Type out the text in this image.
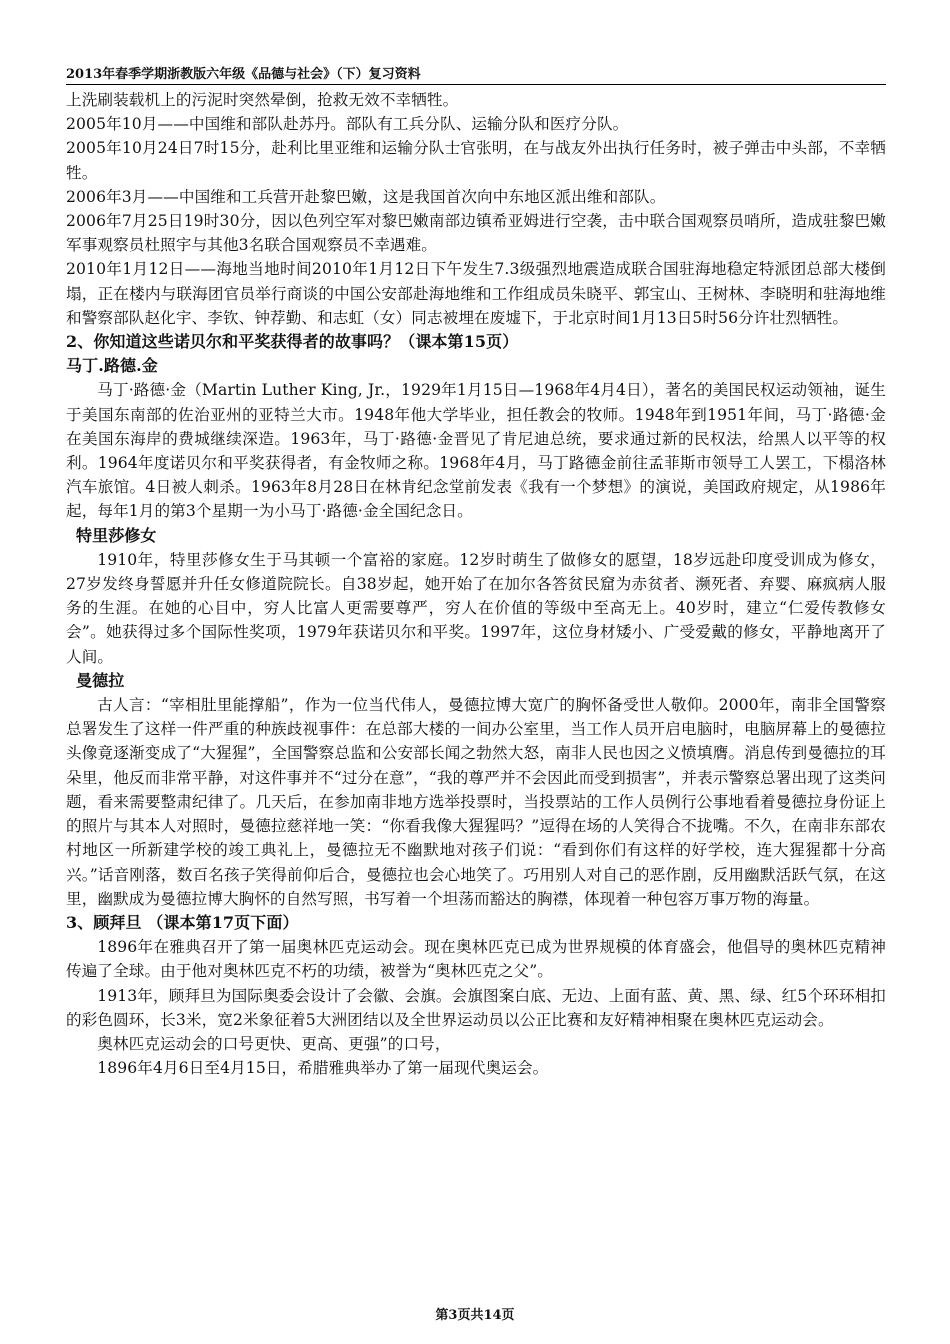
2013年春季学期浙教版六年级《品德与社会》（下）复习资料

上洗刷装载机上的污泥时突然晕倒，抢救无效不幸牺牲。

2005年10月——中国维和部队赴苏丹。部队有工兵分队、运输分队和医疗分队。

2005年10月24日7时15分，赴利比里亚维和运输分队士官张明，在与战友外出执行任务时，被子弹击中头部，不幸牺牲。

2006年3月——中国维和工兵营开赴黎巴嫩，这是我国首次向中东地区派出维和部队。

2006年7月25日19时30分，因以色列空军对黎巴嫩南部边镇希亚姆进行空袭，击中联合国观察员哨所，造成驻黎巴嫩军事观察员杜照宇与其他3名联合国观察员不幸遇难。

2010年1月12日——海地当地时间2010年1月12日下午发生7.3级强烈地震造成联合国驻海地稳定特派团总部大楼倒塌，正在楼内与联海团官员举行商谈的中国公安部赴海地维和工作组成员朱晓平、郭宝山、王树林、李晓明和驻海地维和警察部队赵化宇、李钦、钟荐勤、和志虹（女）同志被埋在废墟下，于北京时间1月13日5时56分许壮烈牺牲。

2、你知道这些诺贝尔和平奖获得者的故事吗？（课本第15页）

马丁.路德.金

马丁·路德·金（Martin Luther King, Jr.，1929年1月15日—1968年4月4日），著名的美国民权运动领袖，诞生于美国东南部的佐治亚州的亚特兰大市。1948年他大学毕业，担任教会的牧师。1948年到1951年间，马丁·路德·金在美国东海岸的费城继续深造。1963年，马丁·路德·金晋见了肯尼迪总统，要求通过新的民权法，给黑人以平等的权利。1964年度诺贝尔和平奖获得者，有金牧师之称。1968年4月，马丁路德金前往孟菲斯市领导工人罢工，下榻洛林汽车旅馆。4日被人刺杀。1963年8月28日在林肯纪念堂前发表《我有一个梦想》的演说，美国政府规定，从1986年起，每年1月的第3个星期一为小马丁·路德·金全国纪念日。

特里莎修女

1910年，特里莎修女生于马其顿一个富裕的家庭。12岁时萌生了做修女的愿望，18岁远赴印度受训成为修女，27岁发终身誓愿并升任女修道院院长。自38岁起，她开始了在加尔各答贫民窟为赤贫者、濒死者、弃婴、麻疯病人服务的生涯。在她的心目中，穷人比富人更需要尊严，穷人在价值的等级中至高无上。40岁时，建立“仁爱传教修女会”。她获得过多个国际性奖项，1979年获诺贝尔和平奖。1997年，这位身材矮小、广受爱戴的修女，平静地离开了人间。

曼德拉

古人言：“宰相肚里能撑船”，作为一位当代伟人，曼德拉博大宽广的胸怀备受世人敬仰。2000年，南非全国警察总署发生了这样一件严重的种族歧视事件：在总部大楼的一间办公室里，当工作人员开启电脑时，电脑屏幕上的曼德拉头像竟逐渐变成了“大猩猩”，全国警察总监和公安部长闻之勃然大怒，南非人民也因之义愤填膺。消息传到曼德拉的耳朵里，他反而非常平静，对这件事并不“过分在意”，“我的尊严并不会因此而受到损害”，并表示警察总署出现了这类问题，看来需要整肃纪律了。几天后，在参加南非地方选举投票时，当投票站的工作人员例行公事地看着曼德拉身份证上的照片与其本人对照时，曼德拉慈祥地一笑：“你看我像大猩猩吗？”逗得在场的人笑得合不拢嘴。不久，在南非东部农村地区一所新建学校的竣工典礼上，曼德拉无不幽默地对孩子们说：“看到你们有这样的好学校，连大猩猩都十分高兴。”话音刚落，数百名孩子笑得前仰后合，曼德拉也会心地笑了。巧用别人对自己的恶作剧，反用幽默活跃气氛，在这里，幽默成为曼德拉博大胸怀的自然写照，书写着一个坦荡而豁达的胸襟，体现着一种包容万事万物的海量。

3、顾拜旦 （课本第17页下面）

1896年在雅典召开了第一届奥林匹克运动会。现在奥林匹克已成为世界规模的体育盛会，他倡导的奥林匹克精神传遍了全球。由于他对奥林匹克不朽的功绩，被誉为“奥林匹克之父”。

1913年，顾拜旦为国际奥委会设计了会徽、会旗。会旗图案白底、无边、上面有蓝、黄、黑、绿、红5个环环相扣的彩色圆环，长3米，宽2米象征着5大洲团结以及全世界运动员以公正比赛和友好精神相聚在奥林匹克运动会。

奥林匹克运动会的口号更快、更高、更强”的口号，

1896年4月6日至4月15日，希腊雅典举办了第一届现代奥运会。

第3页共14页
